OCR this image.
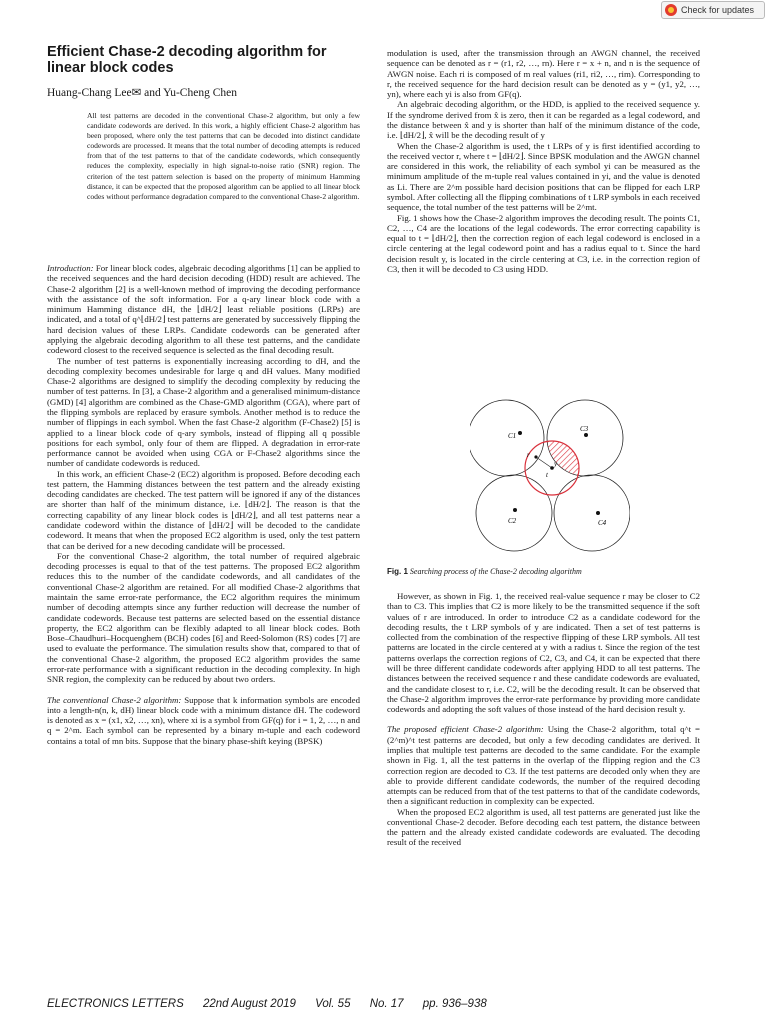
Check for updates
Efficient Chase-2 decoding algorithm for linear block codes
Huang-Chang Lee✉ and Yu-Cheng Chen
All test patterns are decoded in the conventional Chase-2 algorithm, but only a few candidate codewords are derived. In this work, a highly efficient Chase-2 algorithm has been proposed, where only the test patterns that can be decoded into distinct candidate codewords are processed. It means that the total number of decoding attempts is reduced from that of the test patterns to that of the candidate codewords, which consequently reduces the complexity, especially in high signal-to-noise ratio (SNR) region. The criterion of the test pattern selection is based on the property of minimum Hamming distance, it can be expected that the proposed algorithm can be applied to all linear block codes without performance degradation compared to the conventional Chase-2 algorithm.

Introduction: For linear block codes, algebraic decoding algorithms [1] can be applied to the received sequences and the hard decision decoding (HDD) result are achieved. The Chase-2 algorithm [2] is a well-known method of improving the decoding performance with the assistance of the soft information. For a q-ary linear block code with a minimum Hamming distance dH, the ⌊dH/2⌋ least reliable positions (LRPs) are indicated, and a total of q^⌊dH/2⌋ test patterns are generated by successively flipping the hard decision values of these LRPs. Candidate codewords can be generated after applying the algebraic decoding algorithm to all these test patterns, and the candidate codeword closest to the received sequence is selected as the final decoding result.

The number of test patterns is exponentially increasing according to dH, and the decoding complexity becomes undesirable for large q and dH values. Many modified Chase-2 algorithms are designed to simplify the decoding complexity by reducing the number of test patterns. In [3], a Chase-2 algorithm and a generalised minimum-distance (GMD) [4] algorithm are combined as the Chase-GMD algorithm (CGA), where part of the flipping symbols are replaced by erasure symbols. Another method is to reduce the number of flippings in each symbol. When the fast Chase-2 algorithm (F-Chase2) [5] is applied to a linear block code of q-ary symbols, instead of flipping all q possible positions for each symbol, only four of them are flipped. A degradation in error-rate performance cannot be avoided when using CGA or F-Chase2 algorithms since the number of candidate codewords is reduced.

In this work, an efficient Chase-2 (EC2) algorithm is proposed. Before decoding each test pattern, the Hamming distances between the test pattern and the already existing decoding candidates are checked. The test pattern will be ignored if any of the distances are shorter than half of the minimum distance, i.e. ⌊dH/2⌋. The reason is that the correcting capability of any linear block codes is ⌊dH/2⌋, and all test patterns near a candidate codeword within the distance of ⌊dH/2⌋ will be decoded to the candidate codeword. It means that when the proposed EC2 algorithm is used, only the test pattern that can be derived for a new decoding candidate will be processed.

For the conventional Chase-2 algorithm, the total number of required algebraic decoding processes is equal to that of the test patterns. The proposed EC2 algorithm reduces this to the number of the candidate codewords, and all candidates of the conventional Chase-2 algorithm are retained. For all modified Chase-2 algorithms that maintain the same error-rate performance, the EC2 algorithm requires the minimum number of decoding attempts since any further reduction will decrease the number of candidate codewords. Because test patterns are selected based on the essential distance property, the EC2 algorithm can be flexibly adapted to all linear block codes. Both Bose–Chaudhuri–Hocquenghem (BCH) codes [6] and Reed-Solomon (RS) codes [7] are used to evaluate the performance. The simulation results show that, compared to that of the conventional Chase-2 algorithm, the proposed EC2 algorithm provides the same error-rate performance with a significant reduction in the decoding complexity. In high SNR region, the complexity can be reduced by about two orders.

The conventional Chase-2 algorithm: Suppose that k information symbols are encoded into a length-n(n, k, dH) linear block code with a minimum distance dH. The codeword is denoted as x = (x1, x2, …, xn), where xi is a symbol from GF(q) for i = 1, 2, …, n and q = 2^m. Each symbol can be represented by a binary m-tuple and each codeword contains a total of mn bits. Suppose that the binary phase-shift keying (BPSK)

modulation is used, after the transmission through an AWGN channel, the received sequence can be denoted as r = (r1, r2, …, rn). Here r = x + n, and n is the sequence of AWGN noise. Each ri is composed of m real values (ri1, ri2, …, rim). Corresponding to r, the received sequence for the hard decision result can be denoted as y = (y1, y2, …, yn), where each yi is also from GF(q).

An algebraic decoding algorithm, or the HDD, is applied to the received sequence y. If the syndrome derived from x̂ is zero, then it can be regarded as a legal codeword, and the distance between x̂ and y is shorter than half of the minimum distance of the code, i.e. ⌊dH/2⌋, x̂ will be the decoding result of y

When the Chase-2 algorithm is used, the t LRPs of y is first identified according to the received vector r, where t = ⌊dH/2⌋. Since BPSK modulation and the AWGN channel are considered in this work, the reliability of each symbol yi can be measured as the minimum amplitude of the m-tuple real values contained in yi, and the value is denoted as Li. There are 2^m possible hard decision positions that can be flipped for each LRP symbol. After collecting all the flipping combinations of t LRP symbols in each received sequence, the total number of the test patterns will be 2^mt.

Fig. 1 shows how the Chase-2 algorithm improves the decoding result. The points C1, C2, …, C4 are the locations of the legal codewords. The error correcting capability is equal to t = ⌊dH/2⌋, then the correction region of each legal codeword is enclosed in a circle centering at the legal codeword point and has a radius equal to t. Since the hard decision result y, is located in the circle centering at C3, i.e. in the correction region of C3, then it will be decoded to C3 using HDD.

C1
C3
C2	C4
r
y
t
Fig. 1 Searching process of the Chase-2 decoding algorithm

However, as shown in Fig. 1, the received real-value sequence r may be closer to C2 than to C3. This implies that C2 is more likely to be the transmitted sequence if the soft values of r are introduced. In order to introduce C2 as a candidate codeword for the decoding results, the t LRP symbols of y are indicated. Then a set of test patterns is collected from the combination of the respective flipping of these LRP symbols. All test patterns are located in the circle centered at y with a radius t. Since the region of the test patterns overlaps the correction regions of C2, C3, and C4, it can be expected that there will be three different candidate codewords after applying HDD to all test patterns. The distances between the received sequence r and these candidate codewords are evaluated, and the candidate closest to r, i.e. C2, will be the decoding result. It can be observed that the Chase-2 algorithm improves the error-rate performance by providing more candidate codewords and adopting the soft values of those instead of the hard decision result y.

The proposed efficient Chase-2 algorithm: Using the Chase-2 algorithm, total q^t = (2^m)^t test patterns are decoded, but only a few decoding candidates are derived. It implies that multiple test patterns are decoded to the same candidate. For the example shown in Fig. 1, all the test patterns in the overlap of the flipping region and the C3 correction region are decoded to C3. If the test patterns are decoded only when they are able to provide different candidate codewords, the number of the required decoding attempts can be reduced from that of the test patterns to that of the candidate codewords, then a significant reduction in complexity can be expected.

When the proposed EC2 algorithm is used, all test patterns are generated just like the conventional Chase-2 decoder. Before decoding each test pattern, the distance between the pattern and the already existed candidate codewords are evaluated. The decoding result of the received

ELECTRONICS LETTERS 22nd August 2019 Vol. 55 No. 17 pp. 936–938
